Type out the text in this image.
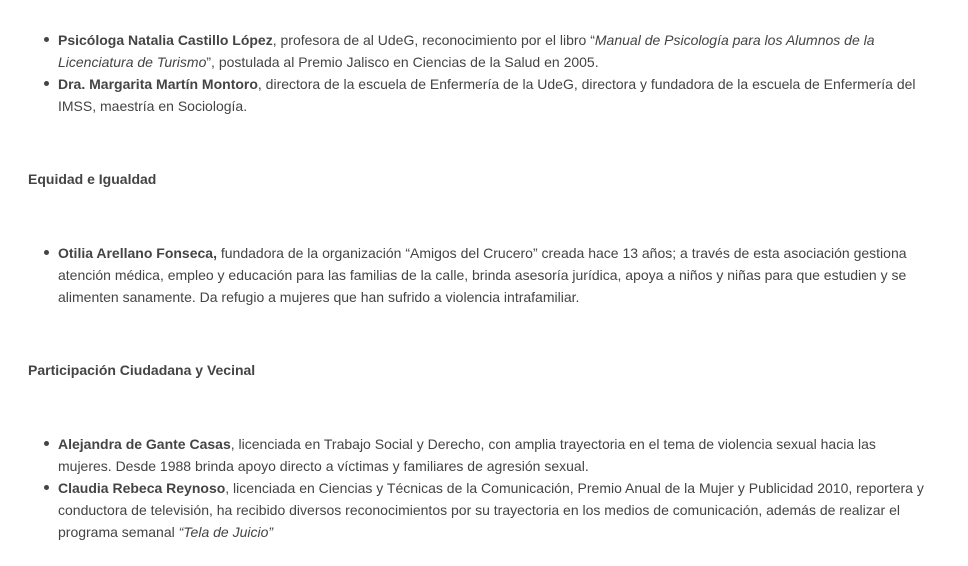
Psicóloga Natalia Castillo López, profesora de al UdeG, reconocimiento por el libro “Manual de Psicología para los Alumnos de la Licenciatura de Turismo”, postulada al Premio Jalisco en Ciencias de la Salud en 2005.
Dra. Margarita Martín Montoro, directora de la escuela de Enfermería de la UdeG, directora y fundadora de la escuela de Enfermería del IMSS, maestría en Sociología.
Equidad e Igualdad
Otilia Arellano Fonseca, fundadora de la organización “Amigos del Crucero” creada hace 13 años; a través de esta asociación gestiona atención médica, empleo y educación para las familias de la calle, brinda asesoría jurídica, apoya a niños y niñas para que estudien y se alimenten sanamente. Da refugio a mujeres que han sufrido a violencia intrafamiliar.
Participación Ciudadana y Vecinal
Alejandra de Gante Casas, licenciada en Trabajo Social y Derecho, con amplia trayectoria en el tema de violencia sexual hacia las mujeres. Desde 1988 brinda apoyo directo a víctimas y familiares de agresión sexual.
Claudia Rebeca Reynoso, licenciada en Ciencias y Técnicas de la Comunicación, Premio Anual de la Mujer y Publicidad 2010, reportera y conductora de televisión, ha recibido diversos reconocimientos por su trayectoria en los medios de comunicación, además de realizar el programa semanal “Tela de Juicio”
